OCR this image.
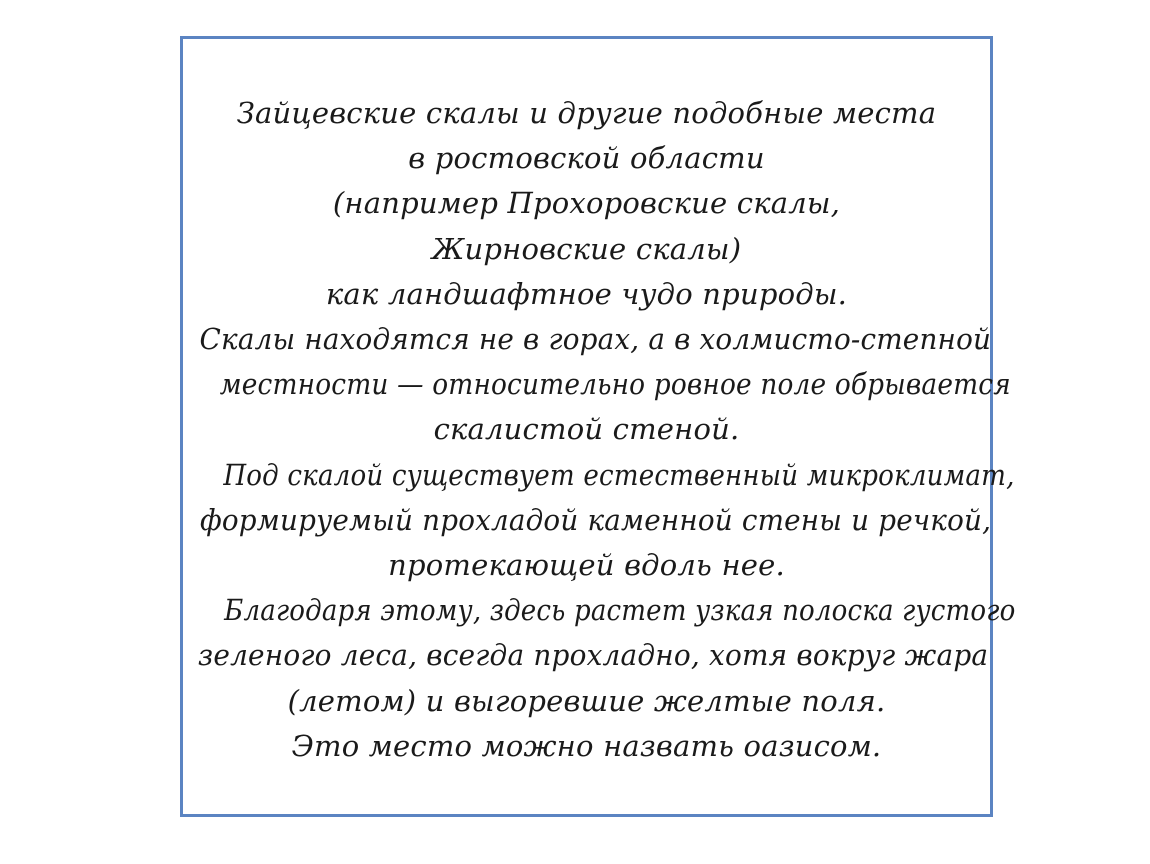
Зайцевские скалы и другие подобные места
в ростовской области
(например Прохоровские скалы,
Жирновские скалы)
как ландшафтное чудо природы.
Скалы находятся не в горах, а в холмисто-степной
местности — относительно ровное поле обрывается
скалистой стеной.
Под скалой существует естественный микроклимат,
формируемый прохладой каменной стены и речкой,
протекающей вдоль нее.
Благодаря этому, здесь растет узкая полоска густого
зеленого леса, всегда прохладно, хотя вокруг жара
(летом) и выгоревшие желтые поля.
Это место можно назвать оазисом.
